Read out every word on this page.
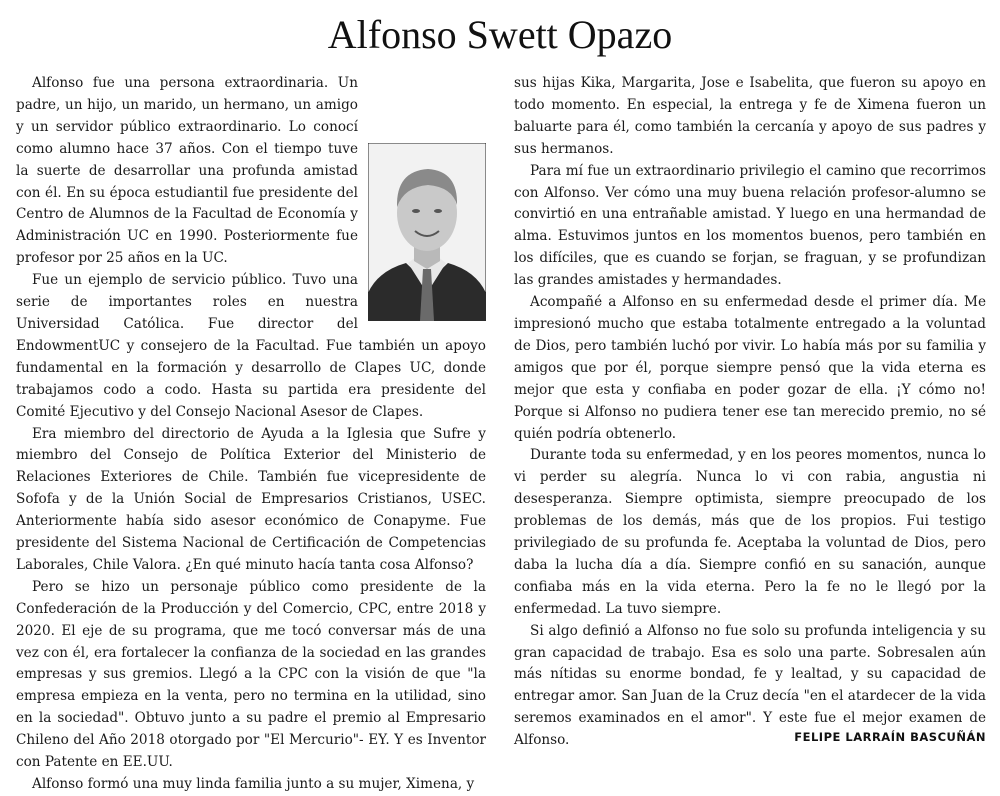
Alfonso Swett Opazo

Alfonso fue una persona extraordinaria. Un padre, un hijo, un marido, un hermano, un amigo y un servidor público extraordinario. Lo conocí como alumno hace 37 años. Con el tiempo tuve la suerte de desarrollar una profunda amistad con él. En su época estudiantil fue presidente del Centro de Alumnos de la Facultad de Economía y Administración UC en 1990. Posteriormente fue profesor por 25 años en la UC.

Fue un ejemplo de servicio público. Tuvo una serie de importantes roles en nuestra Universidad Católica. Fue director del EndowmentUC y consejero de la Facultad. Fue también un apoyo fundamental en la formación y desarrollo de Clapes UC, donde trabajamos codo a codo. Hasta su partida era presidente del Comité Ejecutivo y del Consejo Nacional Asesor de Clapes.

Era miembro del directorio de Ayuda a la Iglesia que Sufre y miembro del Consejo de Política Exterior del Ministerio de Relaciones Exteriores de Chile. También fue vicepresidente de Sofofa y de la Unión Social de Empresarios Cristianos, USEC. Anteriormente había sido asesor económico de Conapyme. Fue presidente del Sistema Nacional de Certificación de Competencias Laborales, Chile Valora. ¿En qué minuto hacía tanta cosa Alfonso?

Pero se hizo un personaje público como presidente de la Confederación de la Producción y del Comercio, CPC, entre 2018 y 2020. El eje de su programa, que me tocó conversar más de una vez con él, era fortalecer la confianza de la sociedad en las grandes empresas y sus gremios. Llegó a la CPC con la visión de que "la empresa empieza en la venta, pero no termina en la utilidad, sino en la sociedad". Obtuvo junto a su padre el premio al Empresario Chileno del Año 2018 otorgado por "El Mercurio"- EY. Y es Inventor con Patente en EE.UU.

Alfonso formó una muy linda familia junto a su mujer, Ximena, y

sus hijas Kika, Margarita, Jose e Isabelita, que fueron su apoyo en todo momento. En especial, la entrega y fe de Ximena fueron un baluarte para él, como también la cercanía y apoyo de sus padres y sus hermanos.

Para mí fue un extraordinario privilegio el camino que recorrimos con Alfonso. Ver cómo una muy buena relación profesor-alumno se convirtió en una entrañable amistad. Y luego en una hermandad de alma. Estuvimos juntos en los momentos buenos, pero también en los difíciles, que es cuando se forjan, se fraguan, y se profundizan las grandes amistades y hermandades.

Acompañé a Alfonso en su enfermedad desde el primer día. Me impresionó mucho que estaba totalmente entregado a la voluntad de Dios, pero también luchó por vivir. Lo había más por su familia y amigos que por él, porque siempre pensó que la vida eterna es mejor que esta y confiaba en poder gozar de ella. ¡Y cómo no! Porque si Alfonso no pudiera tener ese tan merecido premio, no sé quién podría obtenerlo.

Durante toda su enfermedad, y en los peores momentos, nunca lo vi perder su alegría. Nunca lo vi con rabia, angustia ni desesperanza. Siempre optimista, siempre preocupado de los problemas de los demás, más que de los propios. Fui testigo privilegiado de su profunda fe. Aceptaba la voluntad de Dios, pero daba la lucha día a día. Siempre confió en su sanación, aunque confiaba más en la vida eterna. Pero la fe no le llegó por la enfermedad. La tuvo siempre.

Si algo definió a Alfonso no fue solo su profunda inteligencia y su gran capacidad de trabajo. Esa es solo una parte. Sobresalen aún más nítidas su enorme bondad, fe y lealtad, y su capacidad de entregar amor. San Juan de la Cruz decía "en el atardecer de la vida seremos examinados en el amor". Y este fue el mejor examen de Alfonso.	FELIPE LARRAÍN BASCUÑÁN
